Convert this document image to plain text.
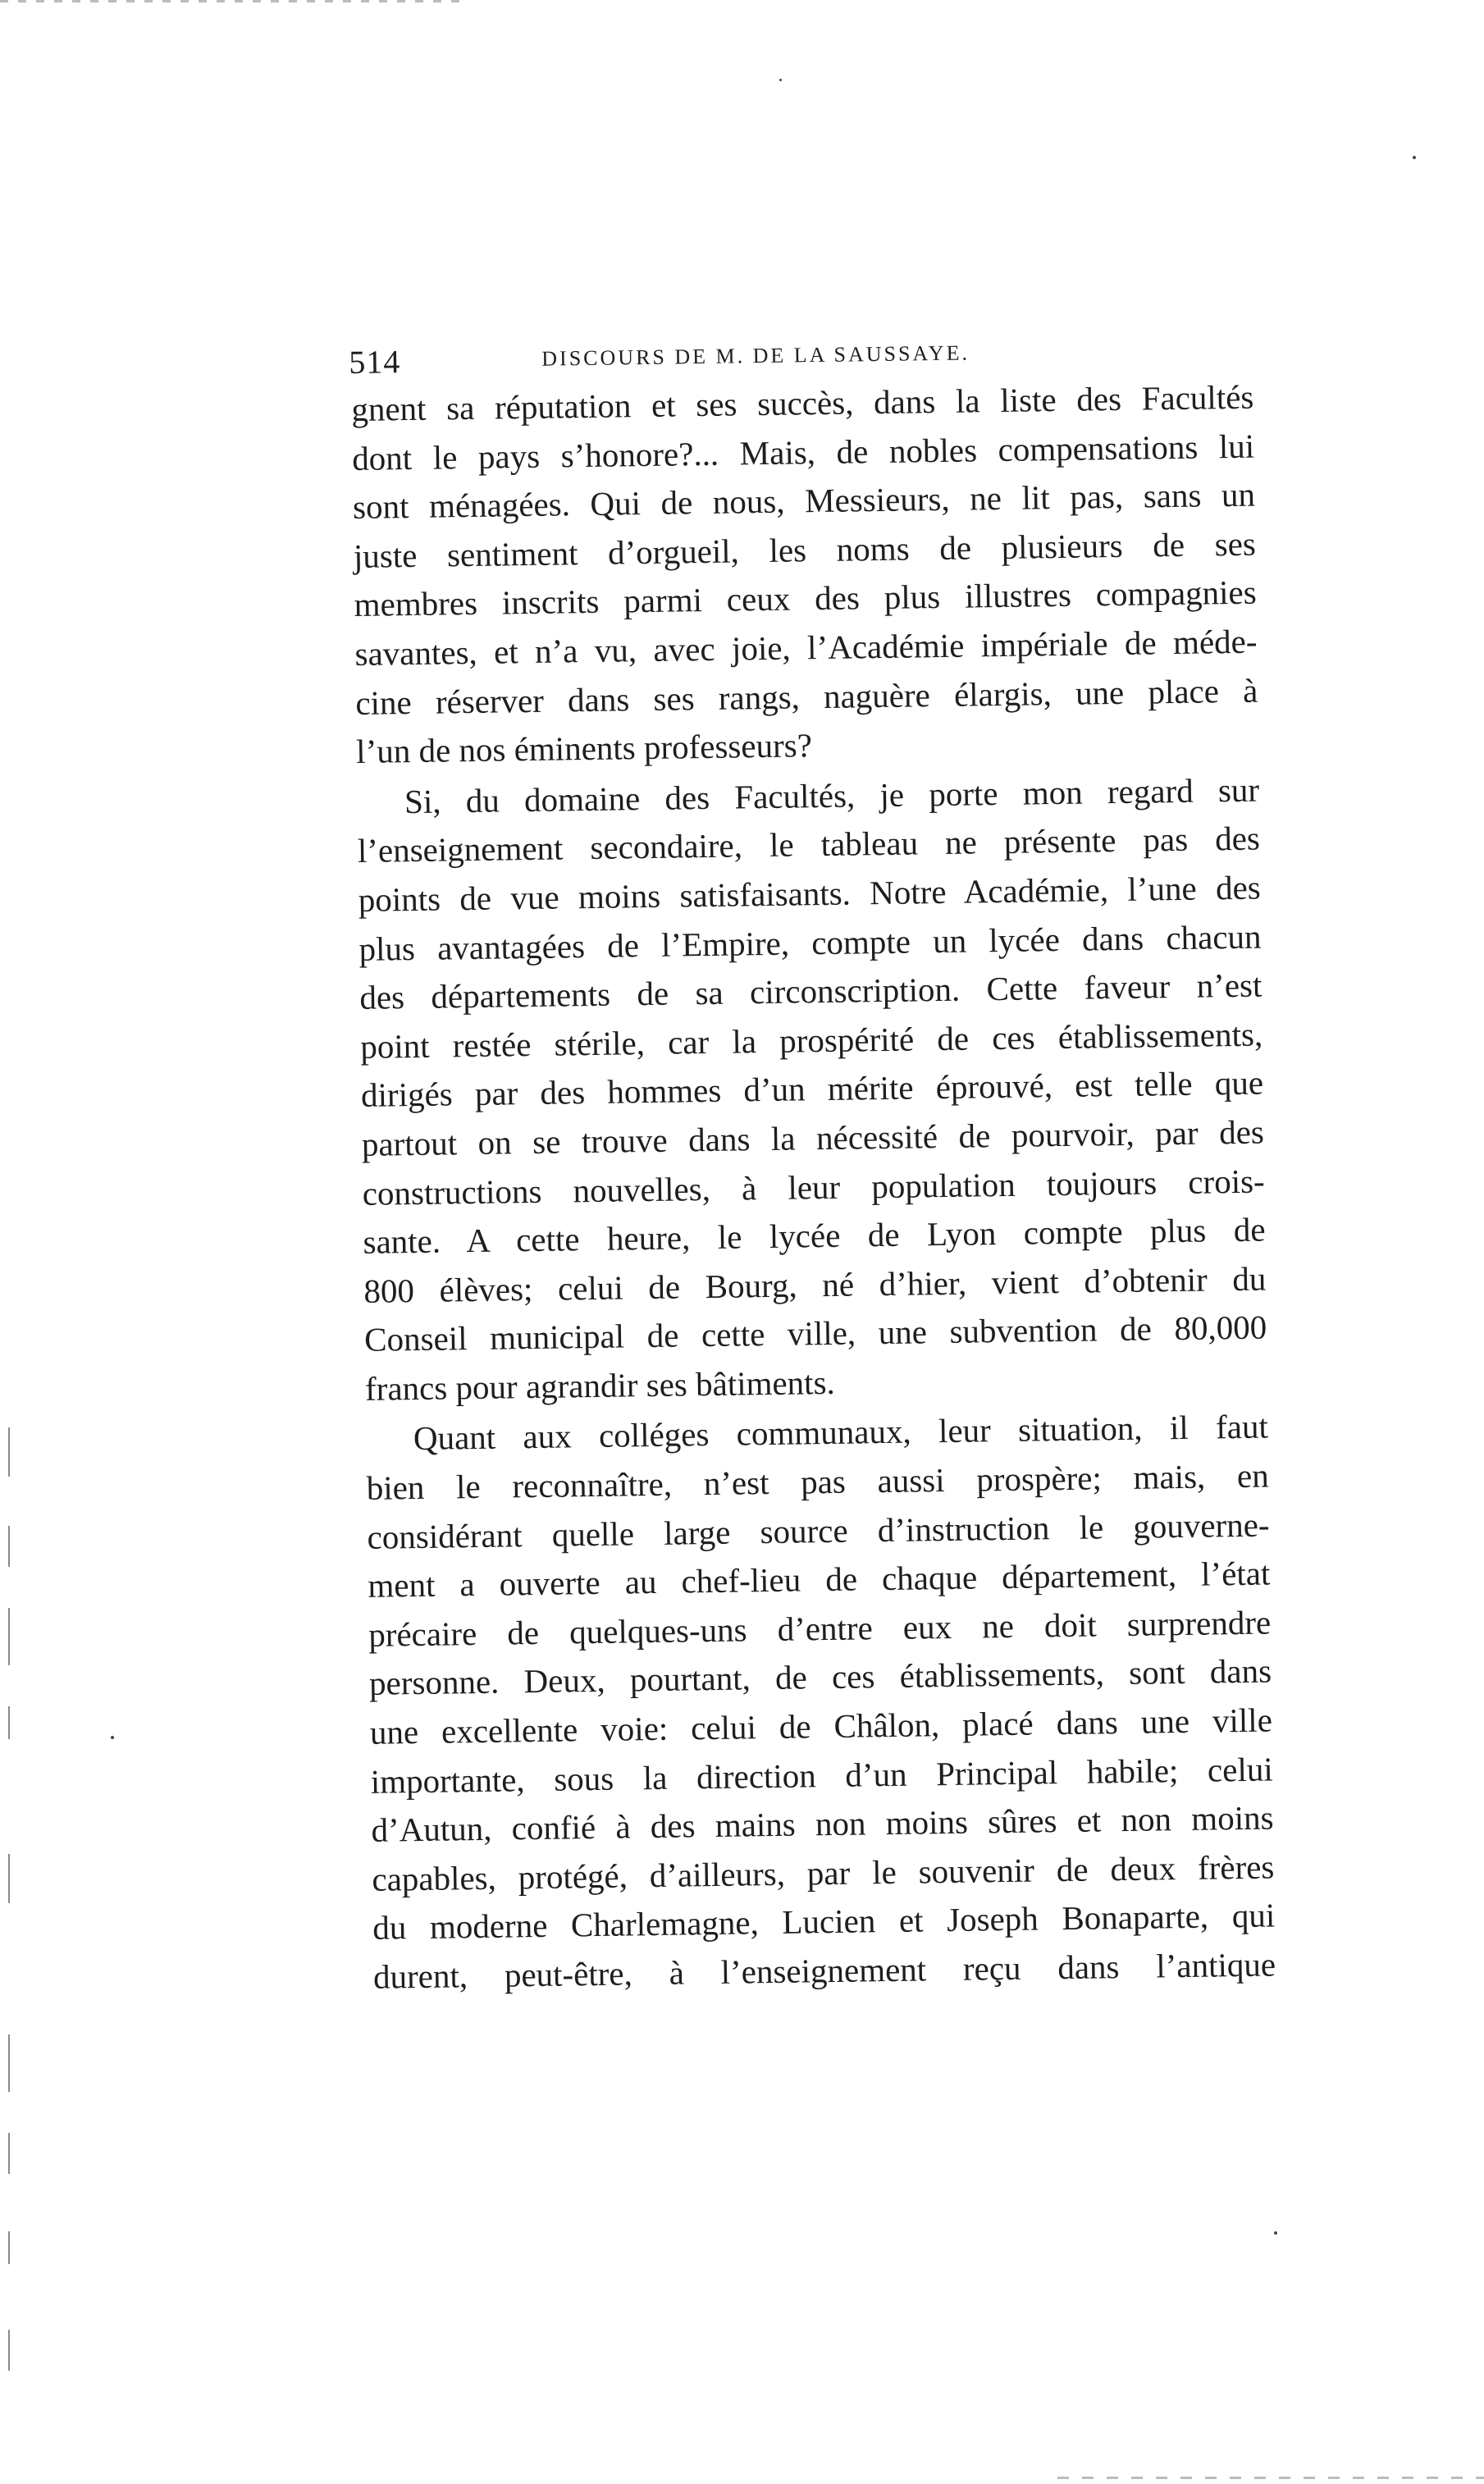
514	DISCOURS DE M. DE LA SAUSSAYE.
gnent sa réputation et ses succès, dans la liste des Facultés
dont le pays s’honore?... Mais, de nobles compensations lui
sont ménagées. Qui de nous, Messieurs, ne lit pas, sans un
juste sentiment d’orgueil, les noms de plusieurs de ses
membres inscrits parmi ceux des plus illustres compagnies
savantes, et n’a vu, avec joie, l’Académie impériale de méde-
cine réserver dans ses rangs, naguère élargis, une place à
l’un de nos éminents professeurs?
Si, du domaine des Facultés, je porte mon regard sur
l’enseignement secondaire, le tableau ne présente pas des
points de vue moins satisfaisants. Notre Académie, l’une des
plus avantagées de l’Empire, compte un lycée dans chacun
des départements de sa circonscription. Cette faveur n’est
point restée stérile, car la prospérité de ces établissements,
dirigés par des hommes d’un mérite éprouvé, est telle que
partout on se trouve dans la nécessité de pourvoir, par des
constructions nouvelles, à leur population toujours crois-
sante. A cette heure, le lycée de Lyon compte plus de
800 élèves; celui de Bourg, né d’hier, vient d’obtenir du
Conseil municipal de cette ville, une subvention de 80,000
francs pour agrandir ses bâtiments.
Quant aux colléges communaux, leur situation, il faut
bien le reconnaître, n’est pas aussi prospère; mais, en
considérant quelle large source d’instruction le gouverne-
ment a ouverte au chef-lieu de chaque département, l’état
précaire de quelques-uns d’entre eux ne doit surprendre
personne. Deux, pourtant, de ces établissements, sont dans
une excellente voie: celui de Châlon, placé dans une ville
importante, sous la direction d’un Principal habile; celui
d’Autun, confié à des mains non moins sûres et non moins
capables, protégé, d’ailleurs, par le souvenir de deux frères
du moderne Charlemagne, Lucien et Joseph Bonaparte, qui
durent, peut-être, à l’enseignement reçu dans l’antique
